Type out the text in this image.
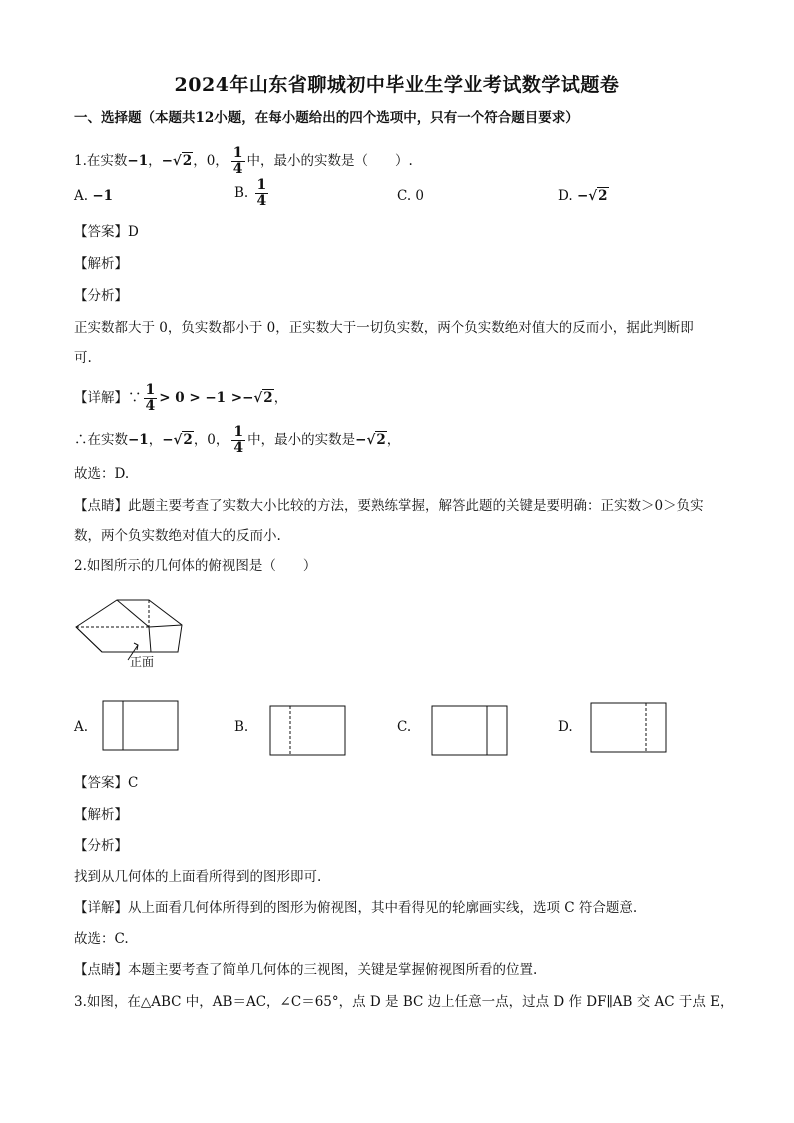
2024年山东省聊城初中毕业生学业考试数学试题卷
一、选择题（本题共12小题，在每小题给出的四个选项中，只有一个符合题目要求）
1.在实数−1，−√2，0， $\frac{1}{4}$ 中，最小的实数是（　　）.
A. −1	B. $\frac{1}{4}$	C. 0	D. −√2
【答案】D
【解析】
【分析】
正实数都大于 0，负实数都小于 0，正实数大于一切负实数，两个负实数绝对值大的反而小，据此判断即
可.
【详解】∵ $\frac{1}{4} > 0 > -1 >-√2$，
∴在实数−1，−√2，0， $\frac{1}{4}$ 中，最小的实数是−√2，
故选：D.
【点睛】此题主要考查了实数大小比较的方法，要熟练掌握，解答此题的关键是要明确：正实数＞0＞负实
数，两个负实数绝对值大的反而小.
2.如图所示的几何体的俯视图是（　　）
正面
A.	B.	C.	D.
【答案】C
【解析】
【分析】
找到从几何体的上面看所得到的图形即可.
【详解】从上面看几何体所得到的图形为俯视图，其中看得见的轮廓画实线，选项 C 符合题意.
故选：C.
【点睛】本题主要考查了简单几何体的三视图，关键是掌握俯视图所看的位置.
3.如图，在△ABC 中，AB＝AC，∠C＝65°，点 D 是 BC 边上任意一点，过点 D 作 DF∥AB 交 AC 于点 E，
